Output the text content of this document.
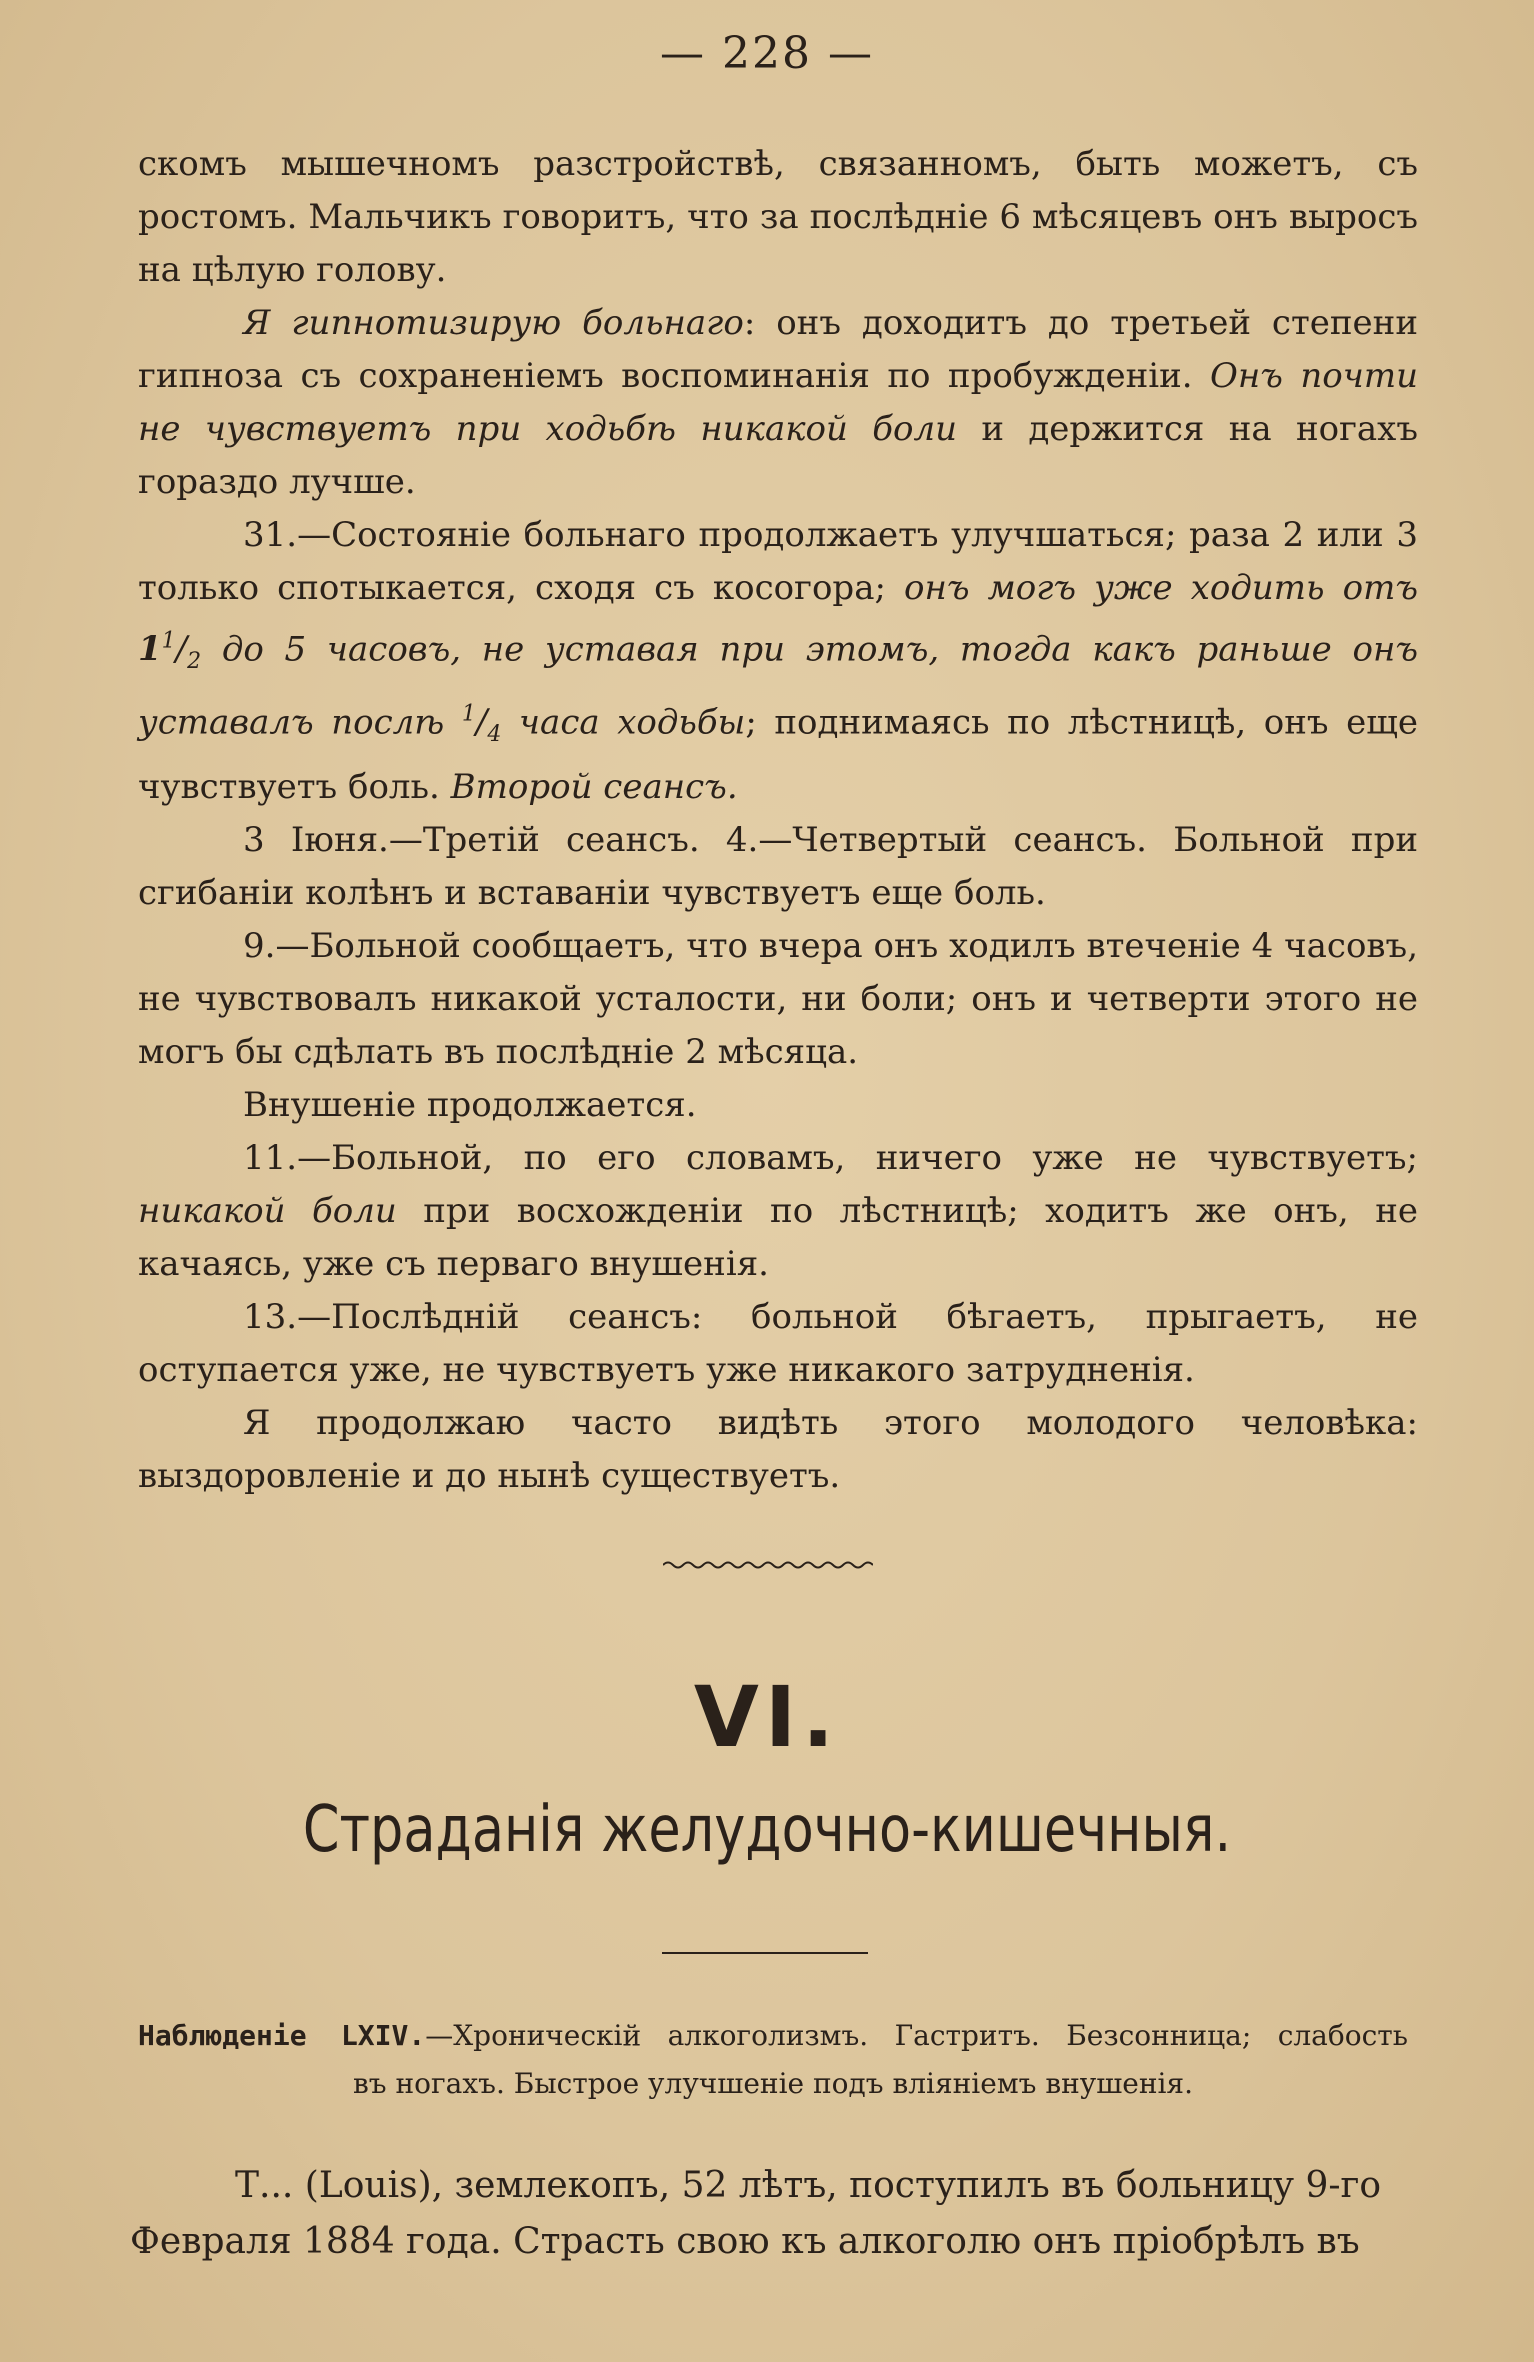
— 228 —

скомъ мышечномъ разстройствѣ, связанномъ, быть можетъ, съ ростомъ. Мальчикъ говоритъ, что за послѣдніе 6 мѣсяцевъ онъ выросъ на цѣлую голову.

Я гипнотизирую больнаго: онъ доходитъ до третьей степени гипноза съ сохраненіемъ воспоминанія по пробужденіи. Онъ почти не чувствуетъ при ходьбѣ никакой боли и держится на ногахъ гораздо лучше.

31.—Состояніе больнаго продолжаетъ улучшаться; раза 2 или 3 только спотыкается, сходя съ косогора; онъ могъ уже ходить отъ $1^1/_2$ до 5 часовъ, не уставая при этомъ, тогда какъ раньше онъ уставалъ послѣ $^1/_4$ часа ходьбы; поднимаясь по лѣстницѣ, онъ еще чувствуетъ боль. Второй сеансъ.

3 Іюня.—Третій сеансъ. 4.—Четвертый сеансъ. Больной при сгибаніи колѣнъ и вставаніи чувствуетъ еще боль.

9.—Больной сообщаетъ, что вчера онъ ходилъ втеченіе 4 часовъ, не чувствовалъ никакой усталости, ни боли; онъ и четверти этого не могъ бы сдѣлать въ послѣдніе 2 мѣсяца.

Внушеніе продолжается.

11.—Больной, по его словамъ, ничего уже не чувствуетъ; никакой боли при восхожденіи по лѣстницѣ; ходитъ же онъ, не качаясь, уже съ перваго внушенія.

13.—Послѣдній сеансъ: больной бѣгаетъ, прыгаетъ, не оступается уже, не чувствуетъ уже никакого затрудненія.

Я продолжаю часто видѣть этого молодого человѣка: выздоровленіе и до нынѣ существуетъ.

VI.
Страданія желудочно-кишечныя.
Наблюденіе LXIV.—Хроническій алкоголизмъ. Гастритъ. Безсонница; слабость
въ ногахъ. Быстрое улучшеніе подъ вліяніемъ внушенія.

Т... (Louis), землекопъ, 52 лѣтъ, поступилъ въ больницу 9-го

Февраля 1884 года. Страсть свою къ алкоголю онъ пріобрѣлъ въ
